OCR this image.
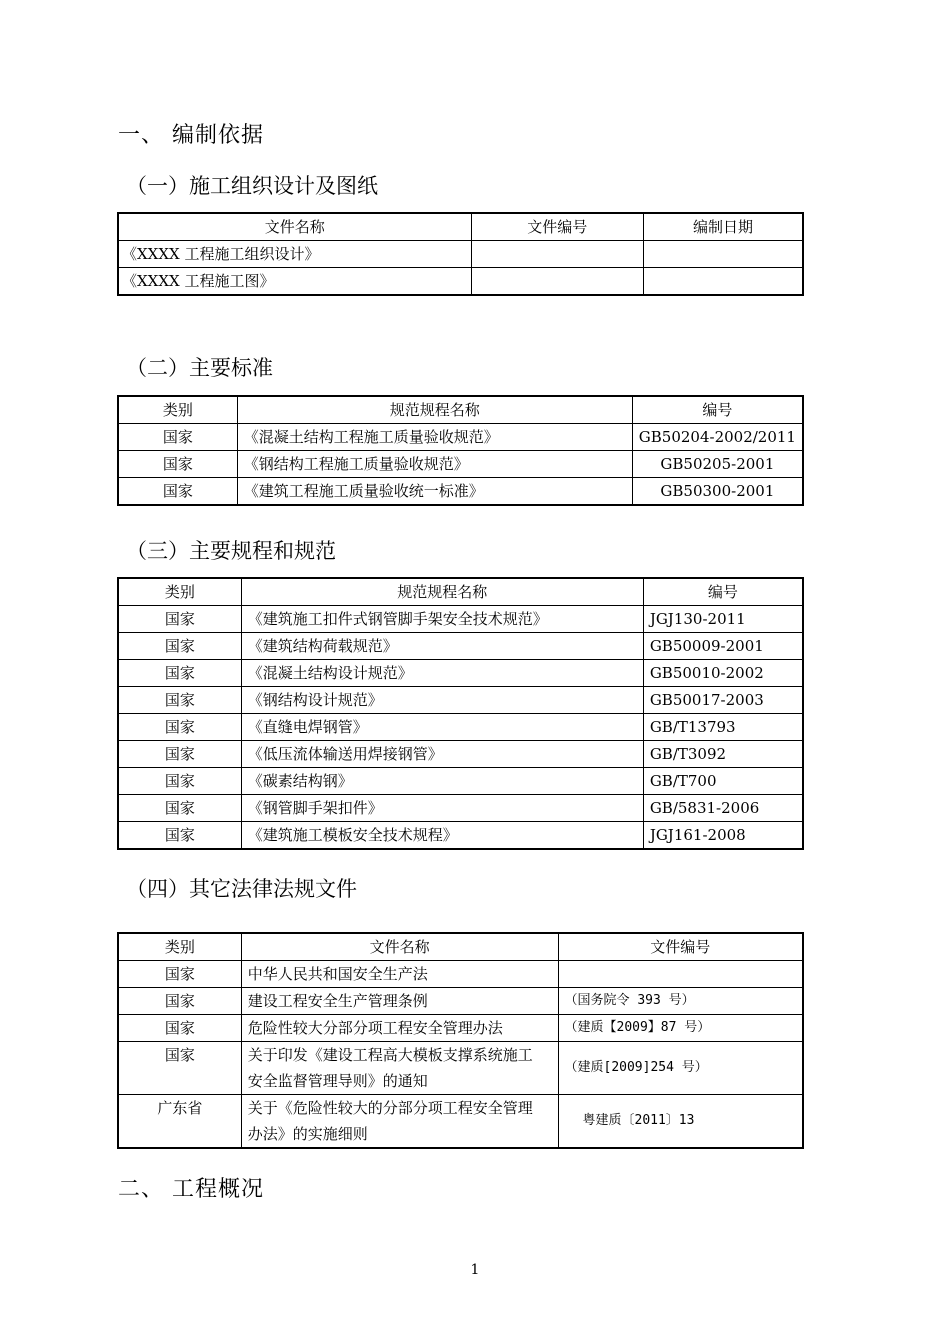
一、 编制依据
（一）施工组织设计及图纸
文件名称	文件编号	编制日期
《XXXX 工程施工组织设计》		
《XXXX 工程施工图》		
（二）主要标准
类别	规范规程名称	编号
国家	《混凝土结构工程施工质量验收规范》	GB50204-2002/2011
国家	《钢结构工程施工质量验收规范》	GB50205-2001
国家	《建筑工程施工质量验收统一标准》	GB50300-2001
（三）主要规程和规范
类别	规范规程名称	编号
国家	《建筑施工扣件式钢管脚手架安全技术规范》	JGJ130-2011
国家	《建筑结构荷载规范》	GB50009-2001
国家	《混凝土结构设计规范》	GB50010-2002
国家	《钢结构设计规范》	GB50017-2003
国家	《直缝电焊钢管》	GB/T13793
国家	《低压流体输送用焊接钢管》	GB/T3092
国家	《碳素结构钢》	GB/T700
国家	《钢管脚手架扣件》	GB/5831-2006
国家	《建筑施工模板安全技术规程》	JGJ161-2008
（四）其它法律法规文件
类别	文件名称	文件编号
国家	中华人民共和国安全生产法	
国家	建设工程安全生产管理条例	（国务院令 393 号）
国家	危险性较大分部分项工程安全管理办法	（建质【2009】87 号）
国家	关于印发《建设工程高大模板支撑系统施工
安全监督管理导则》的通知	（建质[2009]254 号）
广东省	关于《危险性较大的分部分项工程安全管理
办法》的实施细则	粤建质〔2011〕13
二、 工程概况
1
